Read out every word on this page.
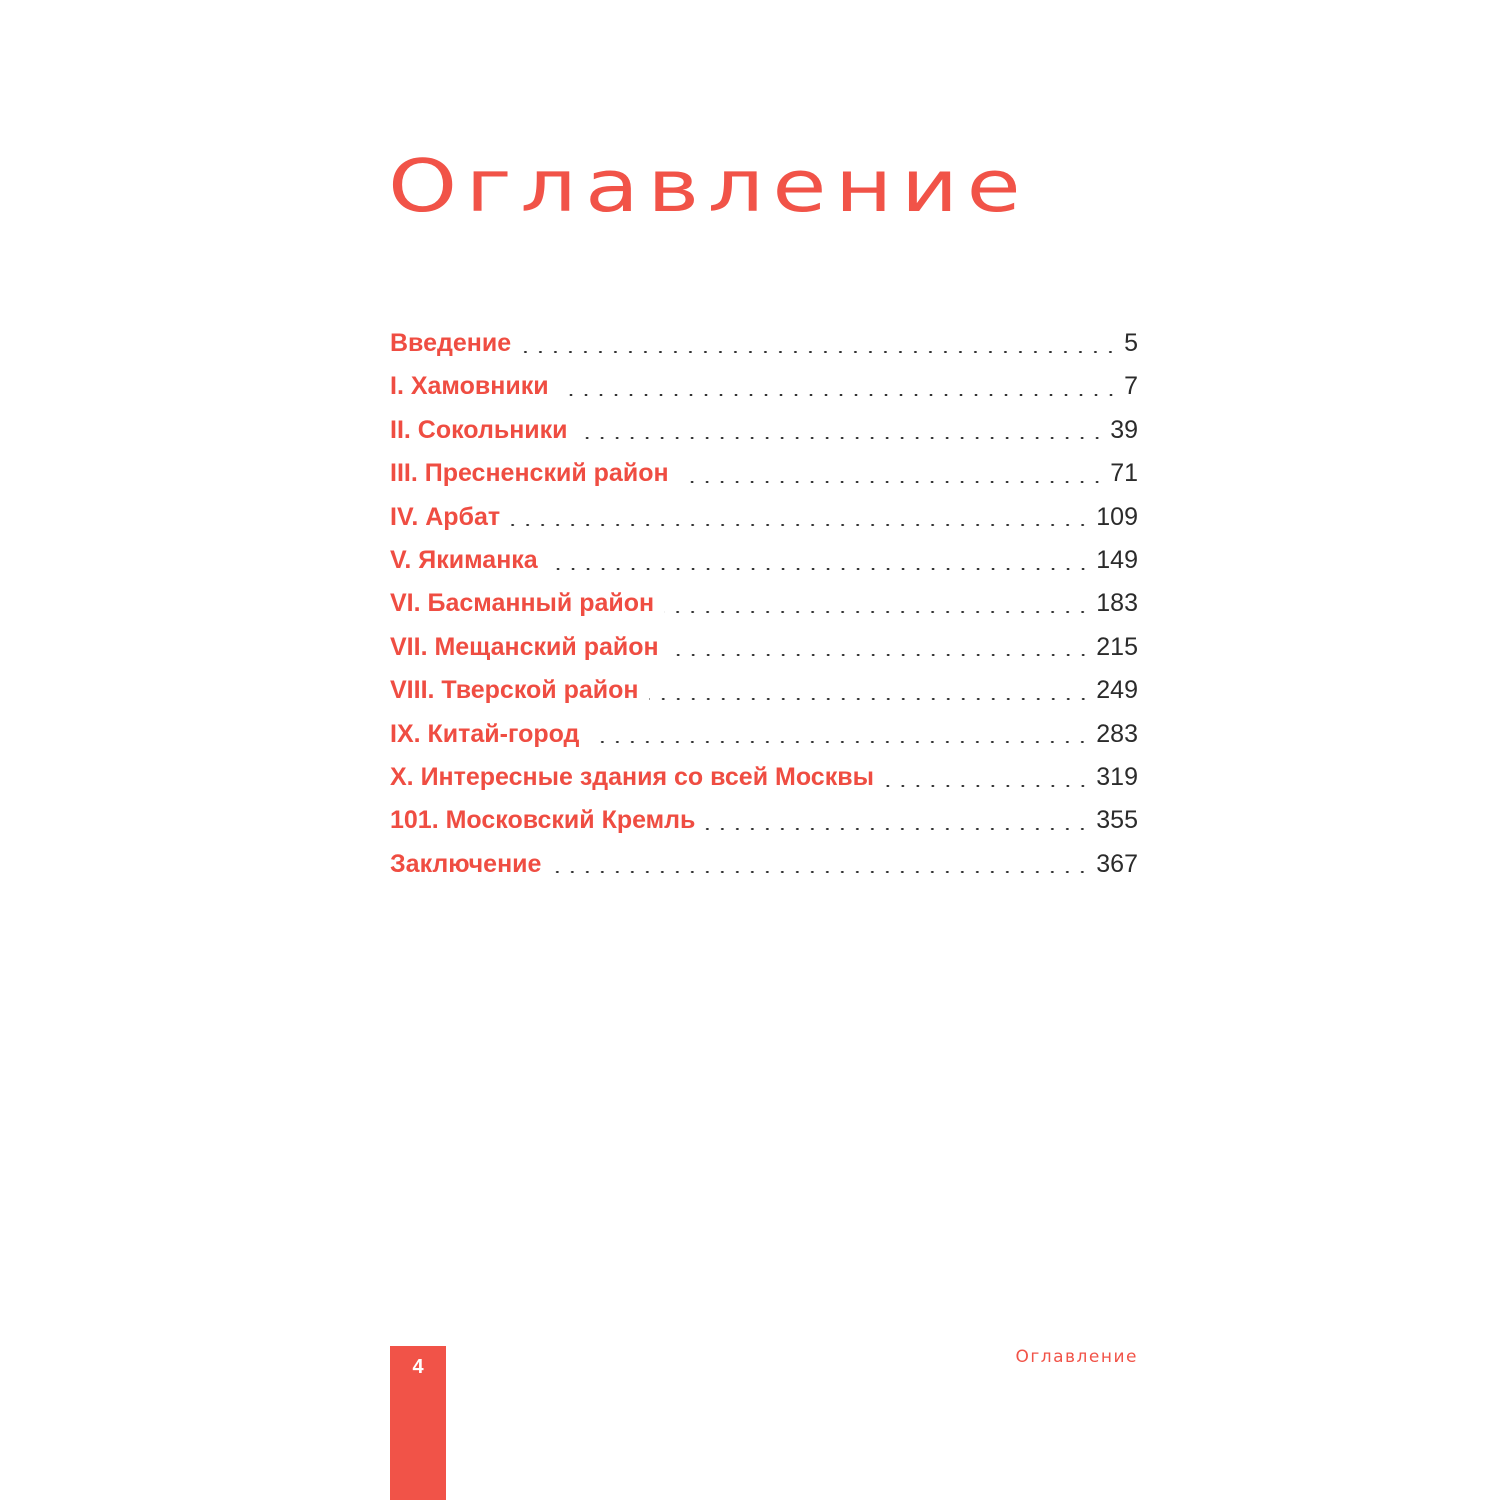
Оглавление
Введение	5
I. Хамовники	7
II. Сокольники	39
III. Пресненский район	71
IV. Арбат	109
V. Якиманка	149
VI. Басманный район	183
VII. Мещанский район	215
VIII. Тверской район	249
IX. Китай-город	283
X. Интересные здания со всей Москвы	319
101. Московский Кремль	355
Заключение	367
4	Оглавление
